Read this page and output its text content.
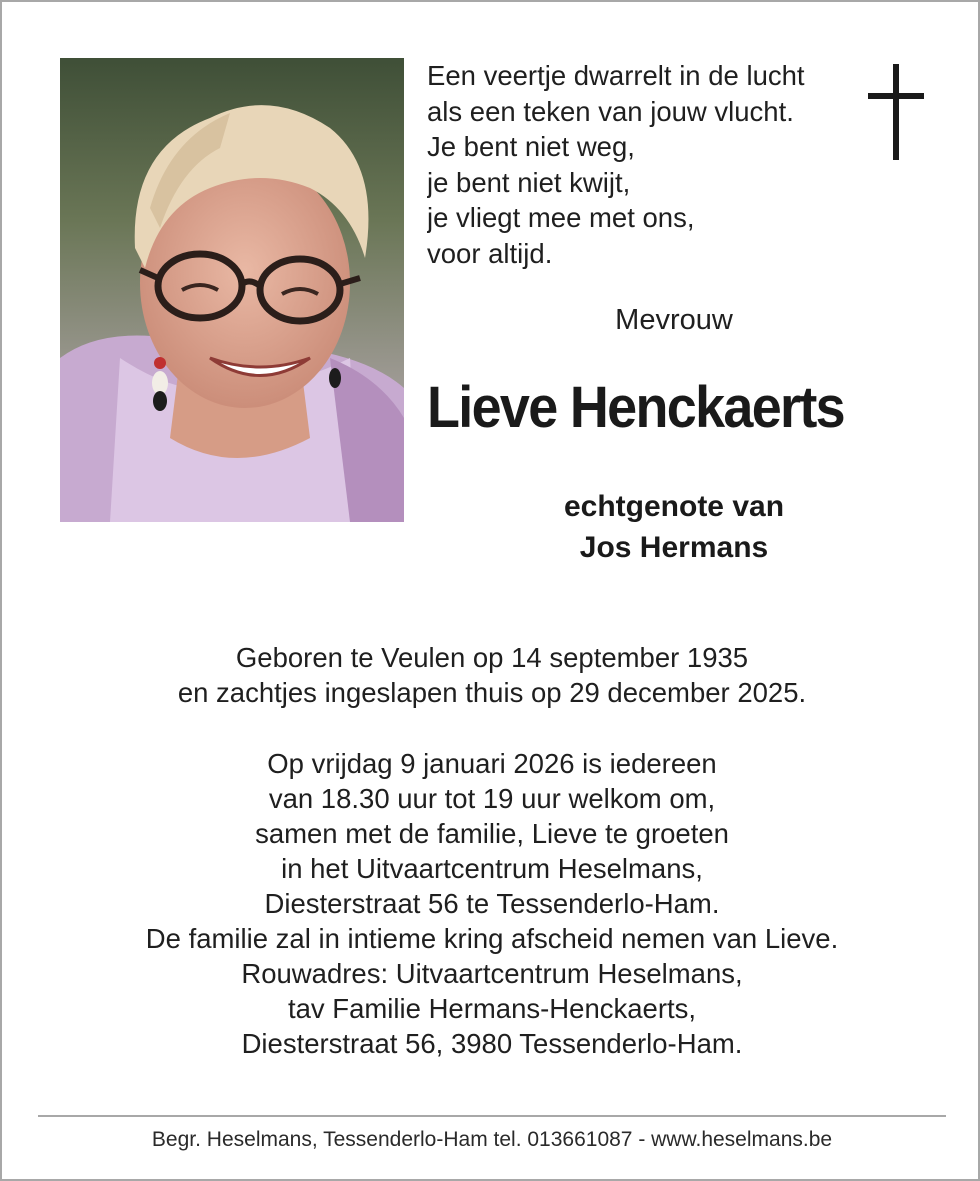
Een veertje dwarrelt in de lucht
als een teken van jouw vlucht.
Je bent niet weg,
je bent niet kwijt,
je vliegt mee met ons,
voor altijd.
Mevrouw
Lieve Henckaerts
echtgenote van
Jos Hermans
Geboren te Veulen op 14 september 1935
en zachtjes ingeslapen thuis op 29 december 2025.
Op vrijdag 9 januari 2026 is iedereen
van 18.30 uur tot 19 uur welkom om,
samen met de familie, Lieve te groeten
in het Uitvaartcentrum Heselmans,
Diesterstraat 56 te Tessenderlo-Ham.
De familie zal in intieme kring afscheid nemen van Lieve.
Rouwadres: Uitvaartcentrum Heselmans,
tav Familie Hermans-Henckaerts,
Diesterstraat 56, 3980 Tessenderlo-Ham.
Begr. Heselmans, Tessenderlo-Ham tel. 013661087 - www.heselmans.be
